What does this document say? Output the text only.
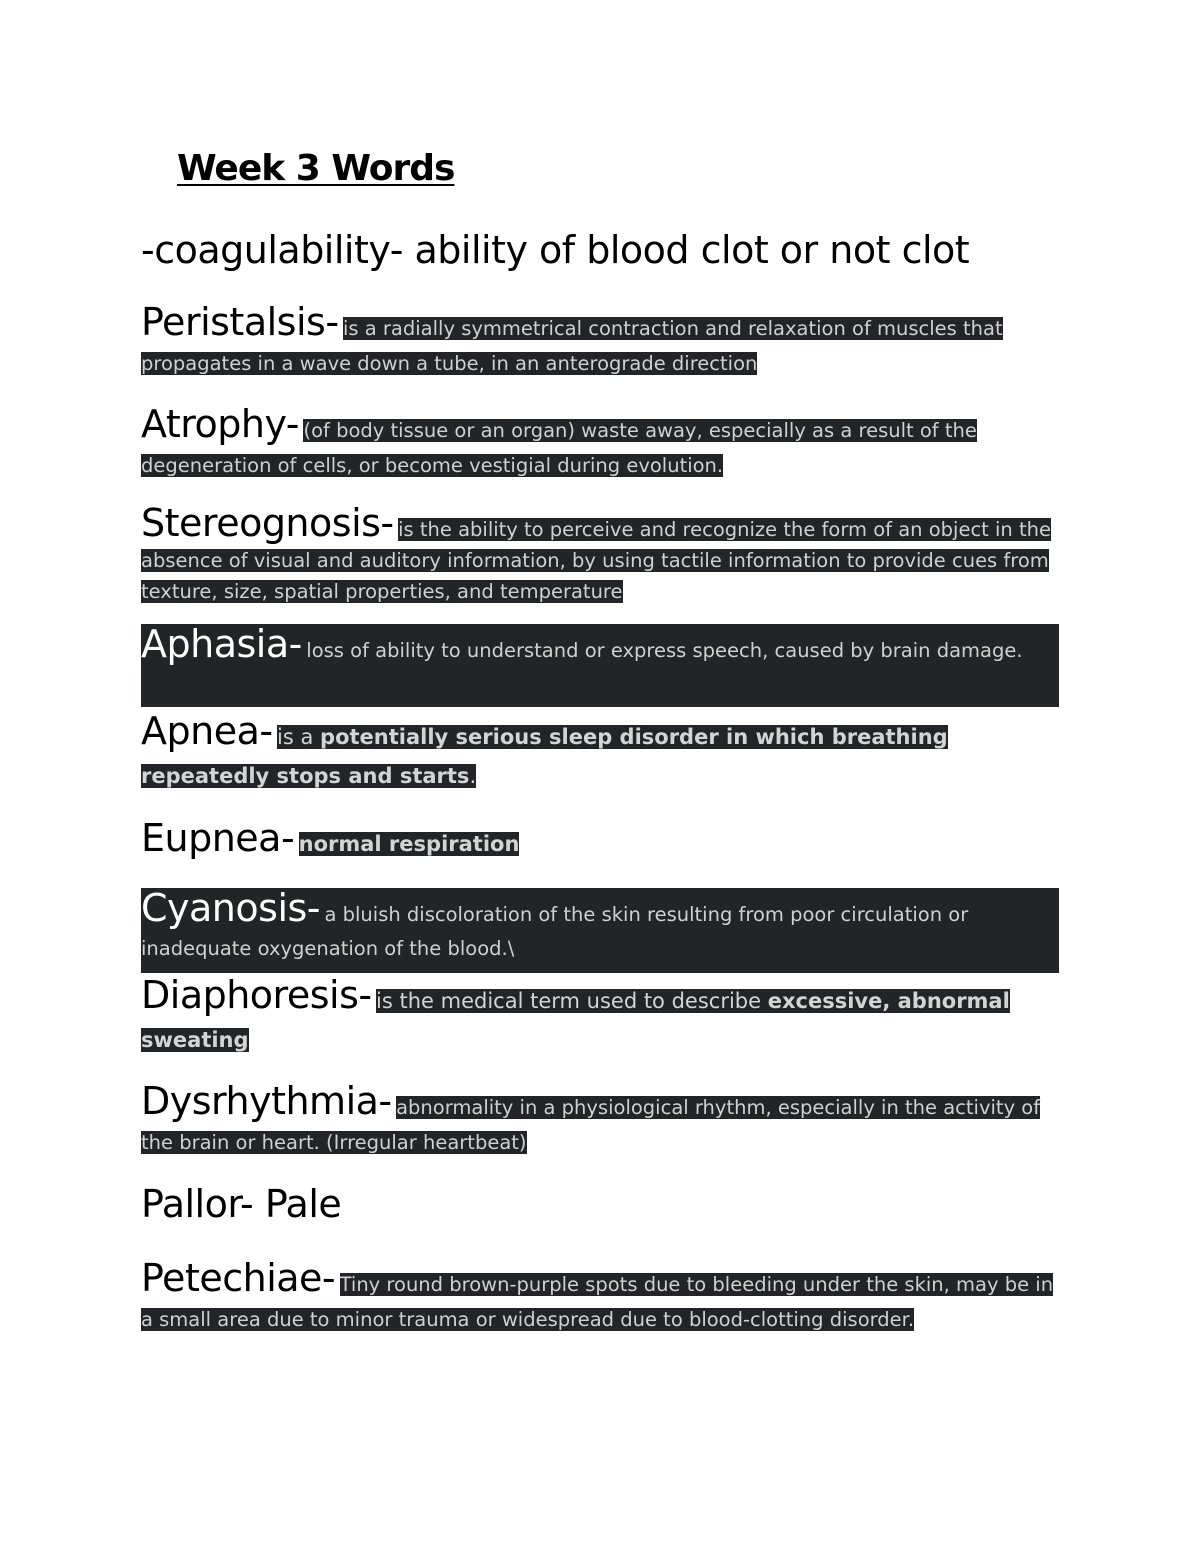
Week 3 Words

-coagulability- ability of blood clot or not clot

Peristalsis- is a radially symmetrical contraction and relaxation of muscles that propagates in a wave down a tube, in an anterograde direction

Atrophy- (of body tissue or an organ) waste away, especially as a result of the degeneration of cells, or become vestigial during evolution.

Stereognosis- is the ability to perceive and recognize the form of an object in the absence of visual and auditory information, by using tactile information to provide cues from texture, size, spatial properties, and temperature

Aphasia- loss of ability to understand or express speech, caused by brain damage.

Apnea- is a potentially serious sleep disorder in which breathing repeatedly stops and starts.

Eupnea- normal respiration

Cyanosis- a bluish discoloration of the skin resulting from poor circulation or inadequate oxygenation of the blood.\

Diaphoresis- is the medical term used to describe excessive, abnormal sweating

Dysrhythmia- abnormality in a physiological rhythm, especially in the activity of the brain or heart. (Irregular heartbeat)

Pallor- Pale

Petechiae- Tiny round brown-purple spots due to bleeding under the skin, may be in a small area due to minor trauma or widespread due to blood-clotting disorder.
